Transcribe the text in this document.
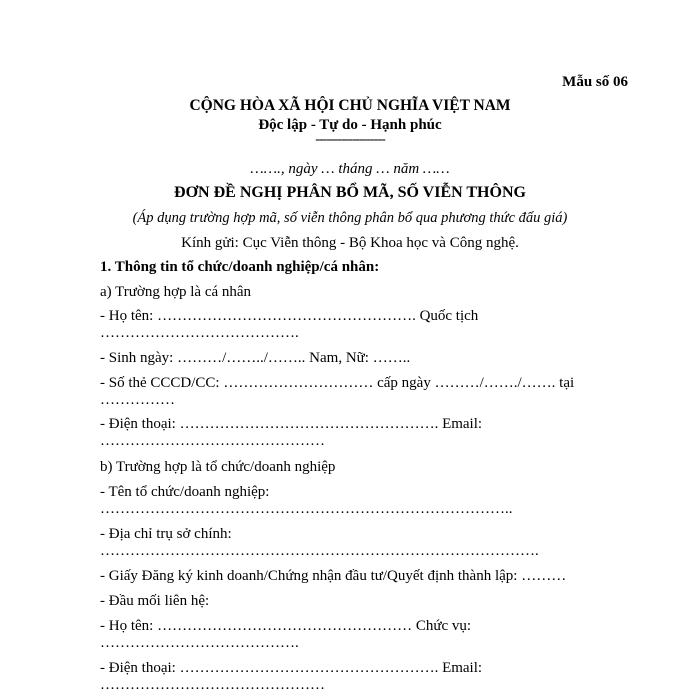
Mẫu số 06
CỘNG HÒA XÃ HỘI CHỦ NGHĨA VIỆT NAM
Độc lập - Tự do - Hạnh phúc
-------------------
……., ngày … tháng … năm ……
ĐƠN ĐỀ NGHỊ PHÂN BỔ MÃ, SỐ VIỄN THÔNG
(Áp dụng trường hợp mã, số viễn thông phân bổ qua phương thức đấu giá)
Kính gửi: Cục Viễn thông - Bộ Khoa học và Công nghệ.
1. Thông tin tổ chức/doanh nghiệp/cá nhân:
a) Trường hợp là cá nhân
- Họ tên: ……………………………………………. Quốc tịch
………………………………….
- Sinh ngày: ………/……../…….. Nam, Nữ: ……..
- Số thẻ CCCD/CC: ………………………… cấp ngày ………/……./……. tại
……………
- Điện thoại: ……………………………………………. Email:
………………………………………
b) Trường hợp là tổ chức/doanh nghiệp
- Tên tổ chức/doanh nghiệp:
………………………………………………………………………..
- Địa chỉ trụ sở chính:
…………………………………………………………………………….
- Giấy Đăng ký kinh doanh/Chứng nhận đầu tư/Quyết định thành lập: ………
- Đầu mối liên hệ:
- Họ tên: …………………………………………… Chức vụ:
………………………………….
- Điện thoại: ……………………………………………. Email:
………………………………………
